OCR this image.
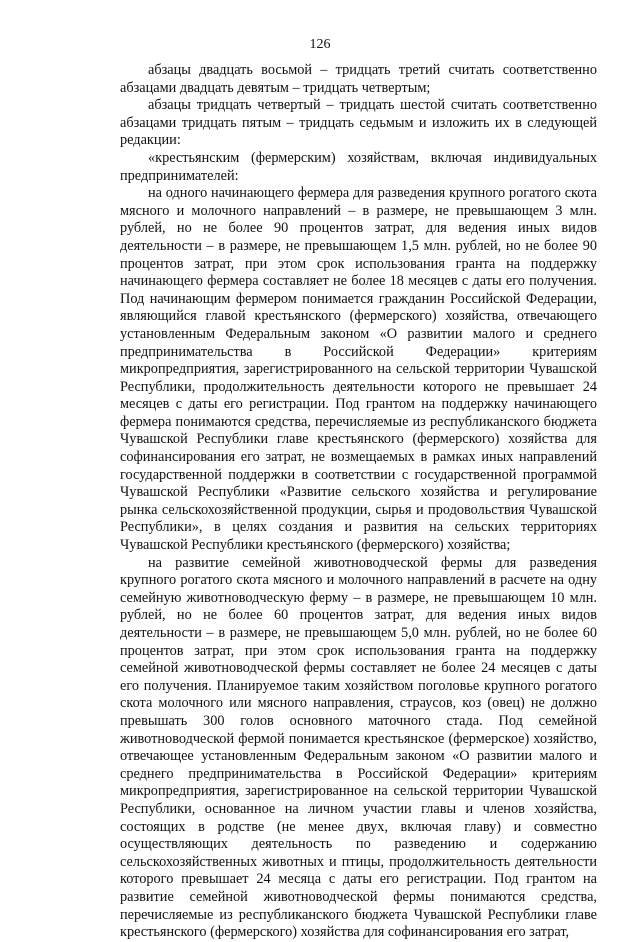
126

абзацы двадцать восьмой – тридцать третий считать соответственно абзацами двадцать девятым – тридцать четвертым;

абзацы тридцать четвертый – тридцать шестой считать соответственно абзацами тридцать пятым – тридцать седьмым и изложить их в следующей редакции:

«крестьянским (фермерским) хозяйствам, включая индивидуальных предпринимателей:

на одного начинающего фермера для разведения крупного рогатого скота мясного и молочного направлений – в размере, не превышающем 3 млн. рублей, но не более 90 процентов затрат, для ведения иных видов деятельности – в размере, не превышающем 1,5 млн. рублей, но не более 90 процентов затрат, при этом срок использования гранта на поддержку начинающего фермера составляет не более 18 месяцев с даты его получения. Под начинающим фермером понимается гражданин Российской Федерации, являющийся главой крестьянского (фермерского) хозяйства, отвечающего установленным Федеральным законом «О развитии малого и среднего предпринимательства в Российской Федерации» критериям микропредприятия, зарегистрированного на сельской территории Чувашской Республики, продолжительность деятельности которого не превышает 24 месяцев с даты его регистрации. Под грантом на поддержку начинающего фермера понимаются средства, перечисляемые из республиканского бюджета Чувашской Республики главе крестьянского (фермерского) хозяйства для софинансирования его затрат, не возмещаемых в рамках иных направлений государственной поддержки в соответствии с государственной программой Чувашской Республики «Развитие сельского хозяйства и регулирование рынка сельскохозяйственной продукции, сырья и продовольствия Чувашской Республики», в целях создания и развития на сельских территориях Чувашской Республики крестьянского (фермерского) хозяйства;

на развитие семейной животноводческой фермы для разведения крупного рогатого скота мясного и молочного направлений в расчете на одну семейную животноводческую ферму – в размере, не превышающем 10 млн. рублей, но не более 60 процентов затрат, для ведения иных видов деятельности – в размере, не превышающем 5,0 млн. рублей, но не более 60 процентов затрат, при этом срок использования гранта на поддержку семейной животноводческой фермы составляет не более 24 месяцев с даты его получения. Планируемое таким хозяйством поголовье крупного рогатого скота молочного или мясного направления, страусов, коз (овец) не должно превышать 300 голов основного маточного стада. Под семейной животноводческой фермой понимается крестьянское (фермерское) хозяйство, отвечающее установленным Федеральным законом «О развитии малого и среднего предпринимательства в Российской Федерации» критериям микропредприятия, зарегистрированное на сельской территории Чувашской Республики, основанное на личном участии главы и членов хозяйства, состоящих в родстве (не менее двух, включая главу) и совместно осуществляющих деятельность по разведению и содержанию сельскохозяйственных животных и птицы, продолжительность деятельности которого превышает 24 месяца с даты его регистрации. Под грантом на развитие семейной животноводческой фермы понимаются средства, перечисляемые из республиканского бюджета Чувашской Республики главе крестьянского (фермерского) хозяйства для софинансирования его затрат,
